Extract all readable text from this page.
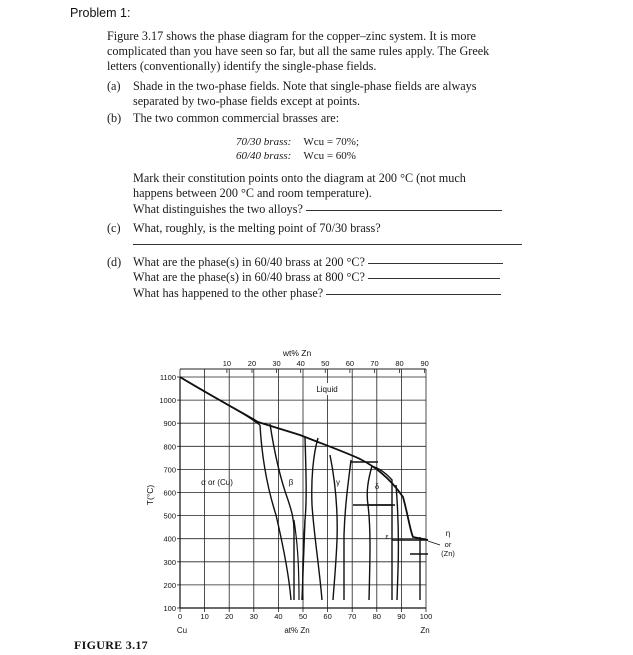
Problem 1:
Figure 3.17 shows the phase diagram for the copper–zinc system. It is more
complicated than you have seen so far, but all the same rules apply. The Greek
letters (conventionally) identify the single-phase fields.
(a) Shade in the two-phase fields. Note that single-phase fields are always
separated by two-phase fields except at points.
(b) The two common commercial brasses are:
70/30 brass: Wcu = 70%;
60/40 brass: Wcu = 60%
Mark their constitution points onto the diagram at 200 °C (not much
happens between 200 °C and room temperature).
What distinguishes the two alloys?
(c) What, roughly, is the melting point of 70/30 brass?
(d) What are the phase(s) in 60/40 brass at 200 °C?
What are the phase(s) in 60/40 brass at 800 °C?
What has happened to the other phase?
0 10 20 30 40 50 60 70 80 90 100
1100
1000
900
800
700
600
500
400
300
200
100
10 20 30 40 50 60 70 80 90
wt% Zn
T(°C)
at% Zn
Cu	Zn
Liquid
α or (Cu)	β	γ	δ
ε	η
or
(Zn)
FIGURE 3.17
